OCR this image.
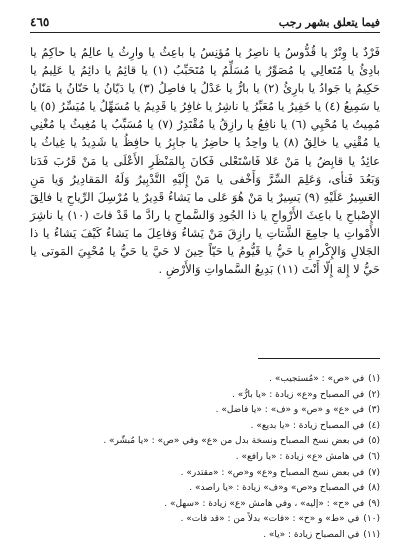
٤٦٥	فيما يتعلق بشهر رجب

فَرْدٌ يا وِتْرٌ يا قُدُّوسُ يا ناصِرُ يا مُؤنِسُ يا باعِثُ يا وارِثُ يا عالِمُ يا حاكِمُ يا بادِئُ يا مُتَعالِي يا مُصَوِّرُ يا مُسَلِّمُ يا مُتَحَبِّبُ (١) يا قائِمُ يا دائِمُ يا عَلِيمُ يا حَكِيمُ يا جَوادُ يا بارِئُ (٢) يا بارُّ يا عَدْلُ يا فاصِلُ (٣) يا دَيّانُ يا حَنّانُ يا مَنّانُ يا سَمِيعُ (٤) يا خَفِيرُ يا مُعَبِّرُ يا ناشِرُ يا غافِرُ يا قَدِيمُ يا مُسَهِّلُ يا مُيَسِّرُ (٥) يا مُمِيتُ يا مُحْيِي (٦) يا نافِعُ يا رازِقُ يا مُقْتَدِرُ (٧) يا مُسَبِّبُ يا مُغِيثُ يا مُغْنِي يا مُقْنِي يا خالِقُ (٨) يا واحِدُ يا حاضِرُ يا جابِرُ يا حافِظُ يا شَدِيدُ يا غِياثُ يا عائِدُ يا قابِضُ يا مَنْ عَلا فَاسْتَعْلى فَكانَ بِالمَنْظَرِ الأَعْلَى يا مَنْ قَرُبَ فَدَنا وَبَعُدَ فَنأى، وَعَلِمَ السِّرَّ وَأَخْفى يا مَنْ إِلَيْهِ التَّدْبِيرُ وَلَهُ المَقادِيرُ وَيا مَنِ العَسِيرُ عَلَيْهِ (٩) يَسِيرٌ يا مَنْ هُوَ عَلى ما يَشاءُ قَدِيرٌ يا مُرْسِلَ الرِّياحِ يا فالِقَ الإِصْباحِ يا باعِثَ الأَرْواحِ يا ذا الجُودِ وَالسَّماحِ يا رادَّ ما قَدْ فاتَ (١٠) يا ناشِرَ الأَمْواتِ يا جامِعَ الشَّتاتِ يا رازِقَ مَنْ يَشاءُ وَفاعِلَ ما يَشاءُ كَيْفَ يَشاءُ يا ذا الجَلالِ وَالإِكْرامِ يا حَيُّ يا قَيُّومُ يا حَيّاً حِينَ لا حَيَّ يا حَيُّ يا مُحْيِيَ المَوتى يا حَيُّ لا إِلهَ إِلّا أَنْتَ (١١) بَدِيعُ السَّماواتِ وَالأَرْضِ .

(١)في «ص» : «مُستجيب» .
(٢)في المصباح و«ع» زيادة : «يا بارُّ» .
(٣)في «ع» و «ص» و «ف» : «يا فاضل» .
(٤)في المصباح زيادة : «يا بديع» .
(٥)في بعض نسخ المصباح ونسخة بدل من «ع» وفي «ص» : «يا مُبشّر» .
(٦)في هامش «ع» زيادة : «يا رافع» .
(٧)في بعض نسخ المصباح و«ع» و«ص» : «مقتدر» .
(٨)في المصباح و«ص» و«ف» زيادة : «يا راصد» .
(٩)في «ح» : «إليه» ، وفي هامش «ع» زيادة : «سهل» .
(١٠)في «ط» و «ح» : «فات» بدلاً من : «قد فات» .
(١١)في المصباح زيادة : «يا» .
